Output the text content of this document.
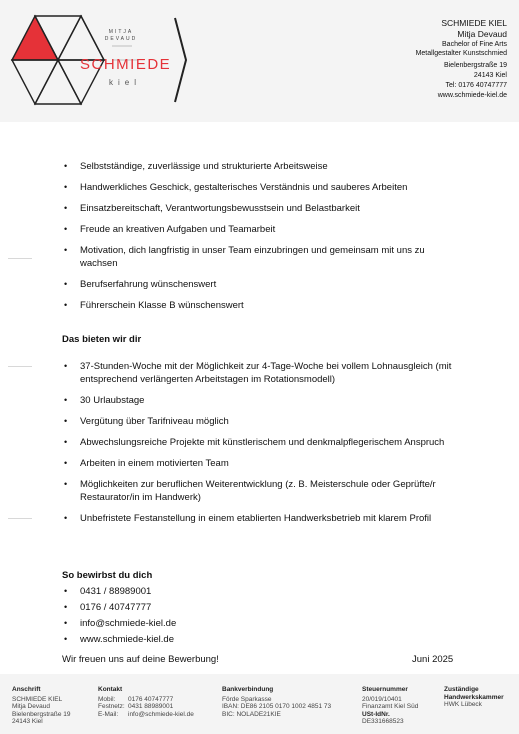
MITJA
DEVAUD
SCHMIEDE
kiel
SCHMIEDE KIEL
Mitja Devaud
Bachelor of Fine Arts
Metallgestalter Kunstschmied
Bielenbergstraße 19
24143 Kiel
Tel: 0176 40747777
www.schmiede-kiel.de
• Selbstständige, zuverlässige und strukturierte Arbeitsweise
• Handwerkliches Geschick, gestalterisches Verständnis und sauberes Arbeiten
• Einsatzbereitschaft, Verantwortungsbewusstsein und Belastbarkeit
• Freude an kreativen Aufgaben und Teamarbeit
• Motivation, dich langfristig in unser Team einzubringen und gemeinsam mit uns zu wachsen
• Berufserfahrung wünschenswert
• Führerschein Klasse B wünschenswert
Das bieten wir dir
• 37-Stunden-Woche mit der Möglichkeit zur 4-Tage-Woche bei vollem Lohnausgleich (mit entsprechend verlängerten Arbeitstagen im Rotationsmodell)
• 30 Urlaubstage
• Vergütung über Tarifniveau möglich
• Abwechslungsreiche Projekte mit künstlerischem und denkmalpflegerischem Anspruch
• Arbeiten in einem motivierten Team
• Möglichkeiten zur beruflichen Weiterentwicklung (z. B. Meisterschule oder Geprüfte/r Restaurator/in im Handwerk)
• Unbefristete Festanstellung in einem etablierten Handwerksbetrieb mit klarem Profil
So bewirbst du dich
• 0431 / 88989001
• 0176 / 40747777
• info@schmiede-kiel.de
• www.schmiede-kiel.de
Wir freuen uns auf deine Bewerbung!	Juni 2025
Anschrift
SCHMIEDE KIEL
Mitja Devaud
Bielenbergstraße 19
24143 Kiel
Kontakt
Mobil:	0176 40747777
Festnetz: 0431 88989001
E-Mail:	info@schmiede-kiel.de
Bankverbindung
Förde Sparkasse
IBAN: DE86 2105 0170 1002 4851 73
BIC: NOLADE21KIE
Steuernummer
20/019/10401
Finanzamt Kiel Süd
USt-IdNr.
DE331668523
Zuständige
Handwerkskammer
HWK Lübeck
